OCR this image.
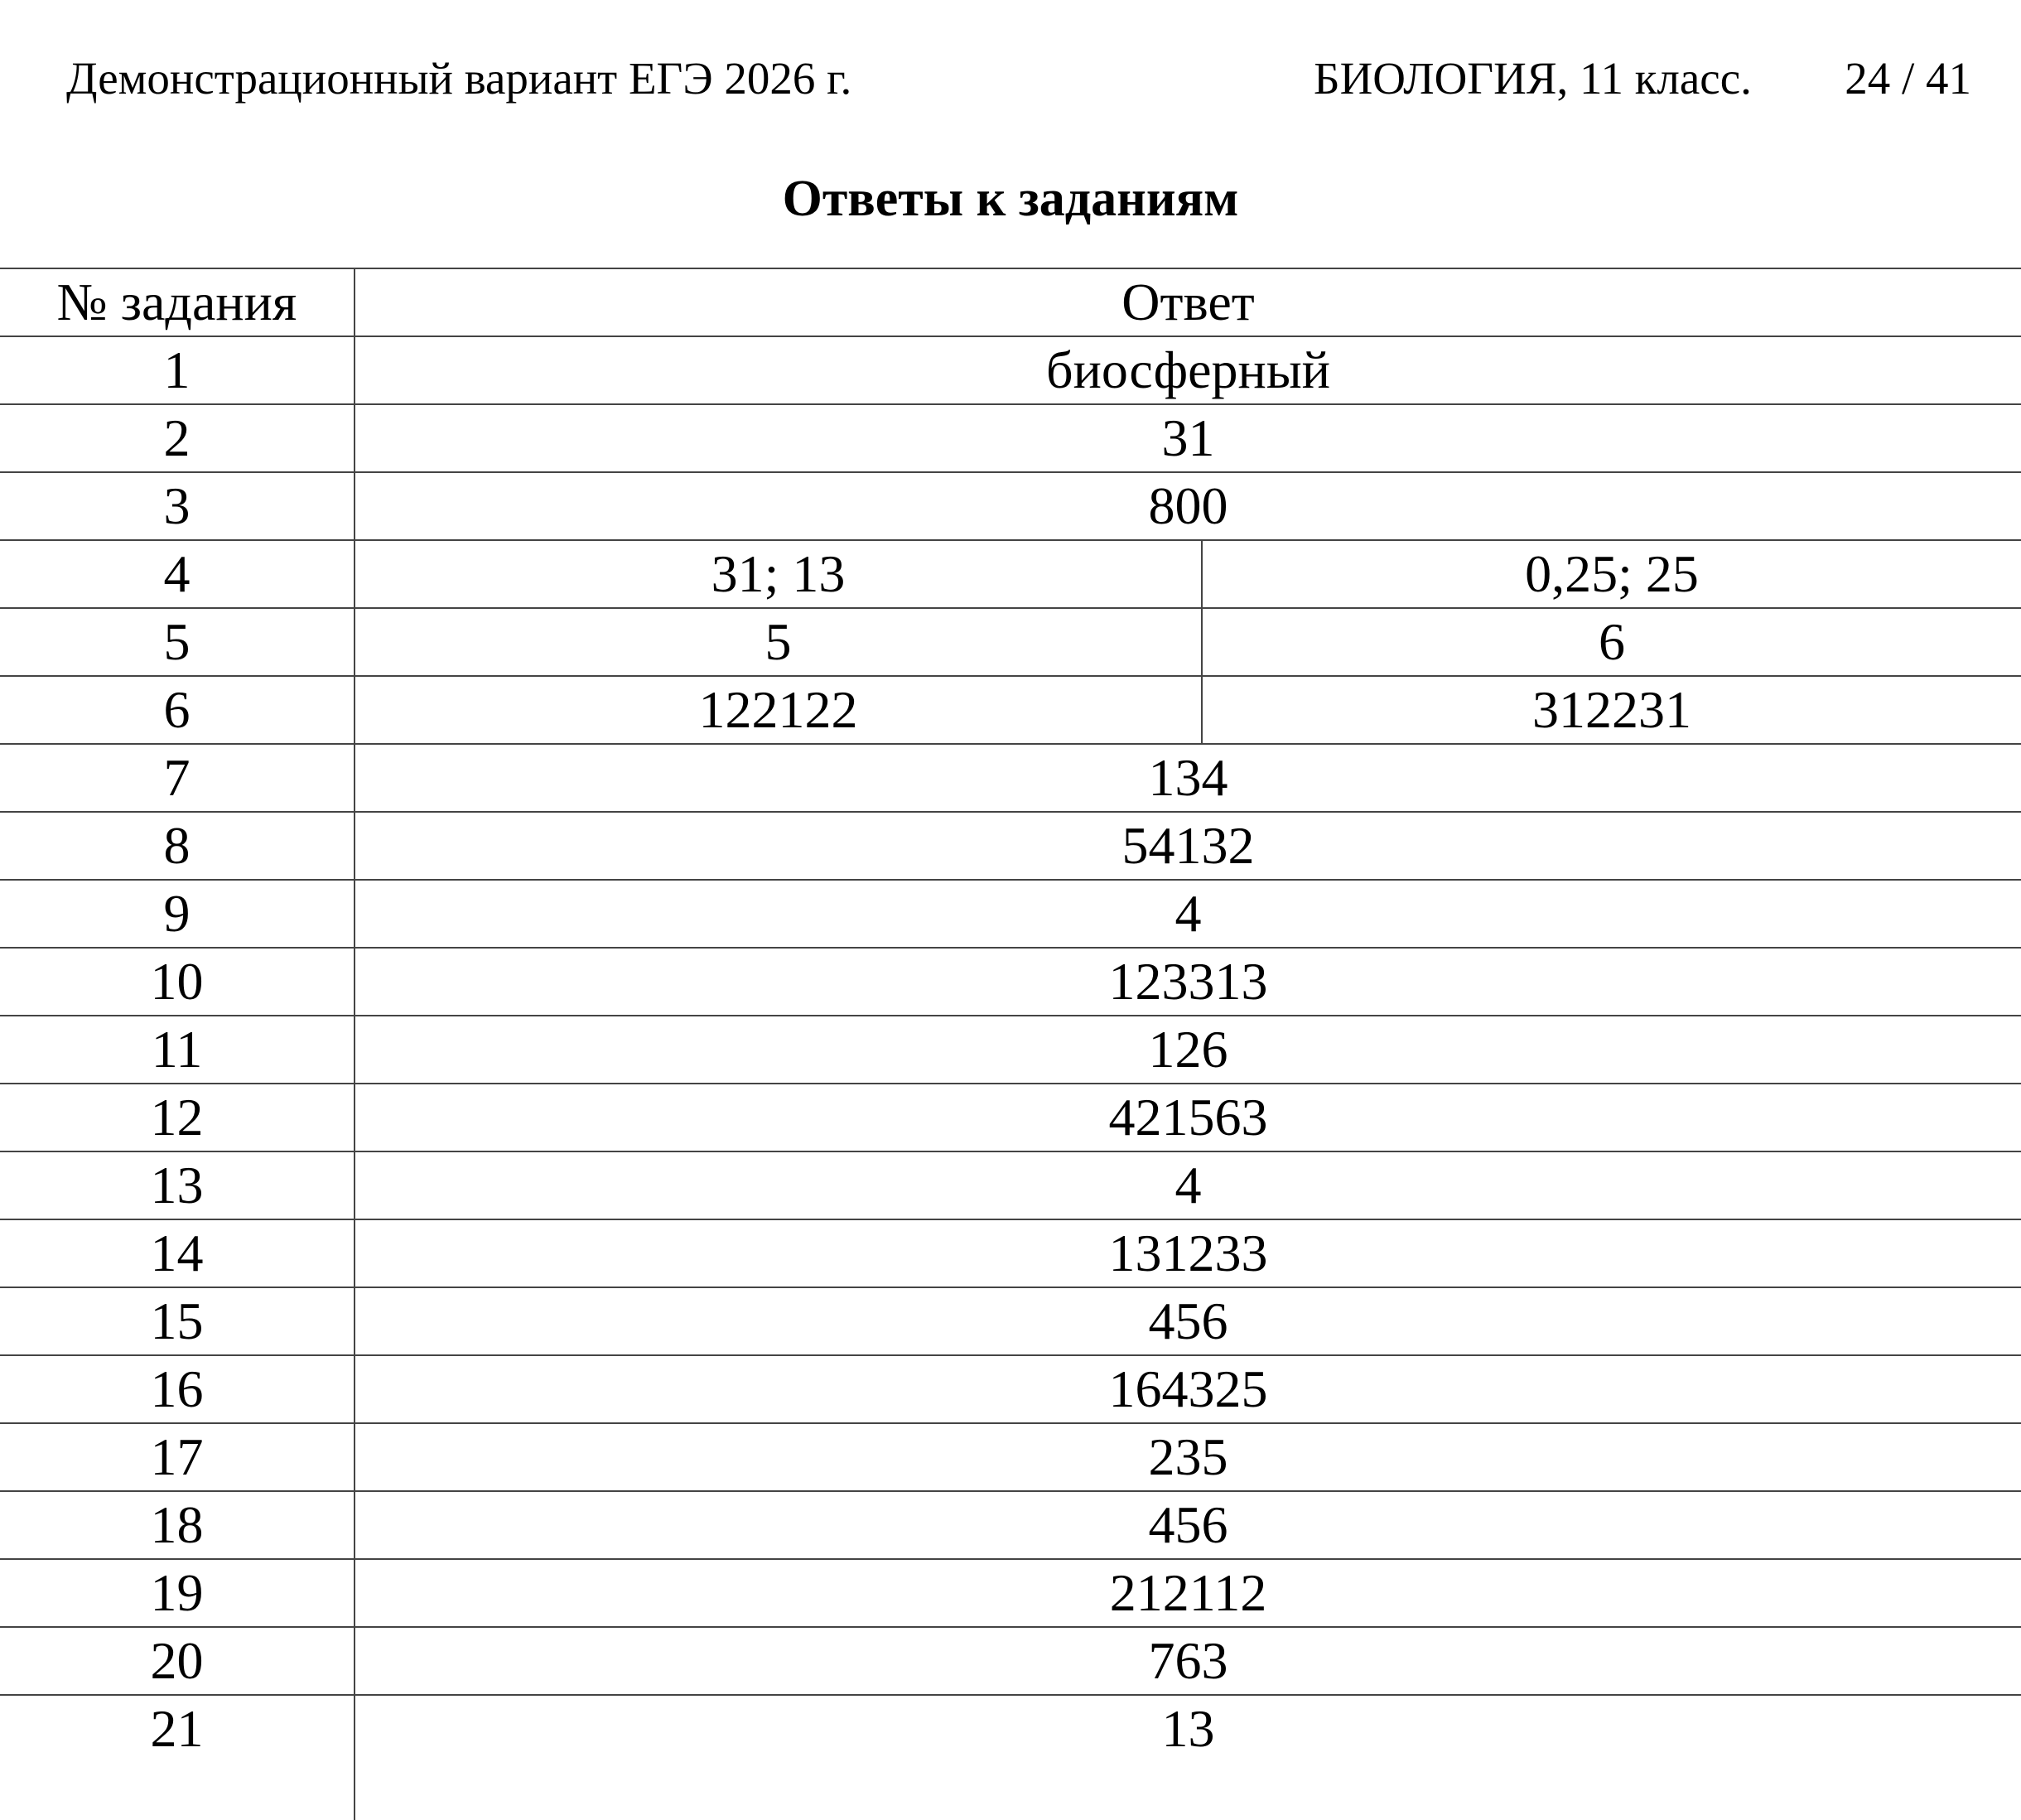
Демонстрационный вариант ЕГЭ 2026 г.	БИОЛОГИЯ, 11 класс. 24 / 41
Ответы к заданиям
№ задания	Ответ	
1	биосферный	
2	31	
3	800	
4	31; 13	0,25; 25
5	5	6
6	122122	312231
7	134	
8	54132	
9	4	
10	123313	
11	126	
12	421563	
13	4	
14	131233	
15	456	
16	164325	
17	235	
18	456	
19	212112	
20	763	
21	13	
